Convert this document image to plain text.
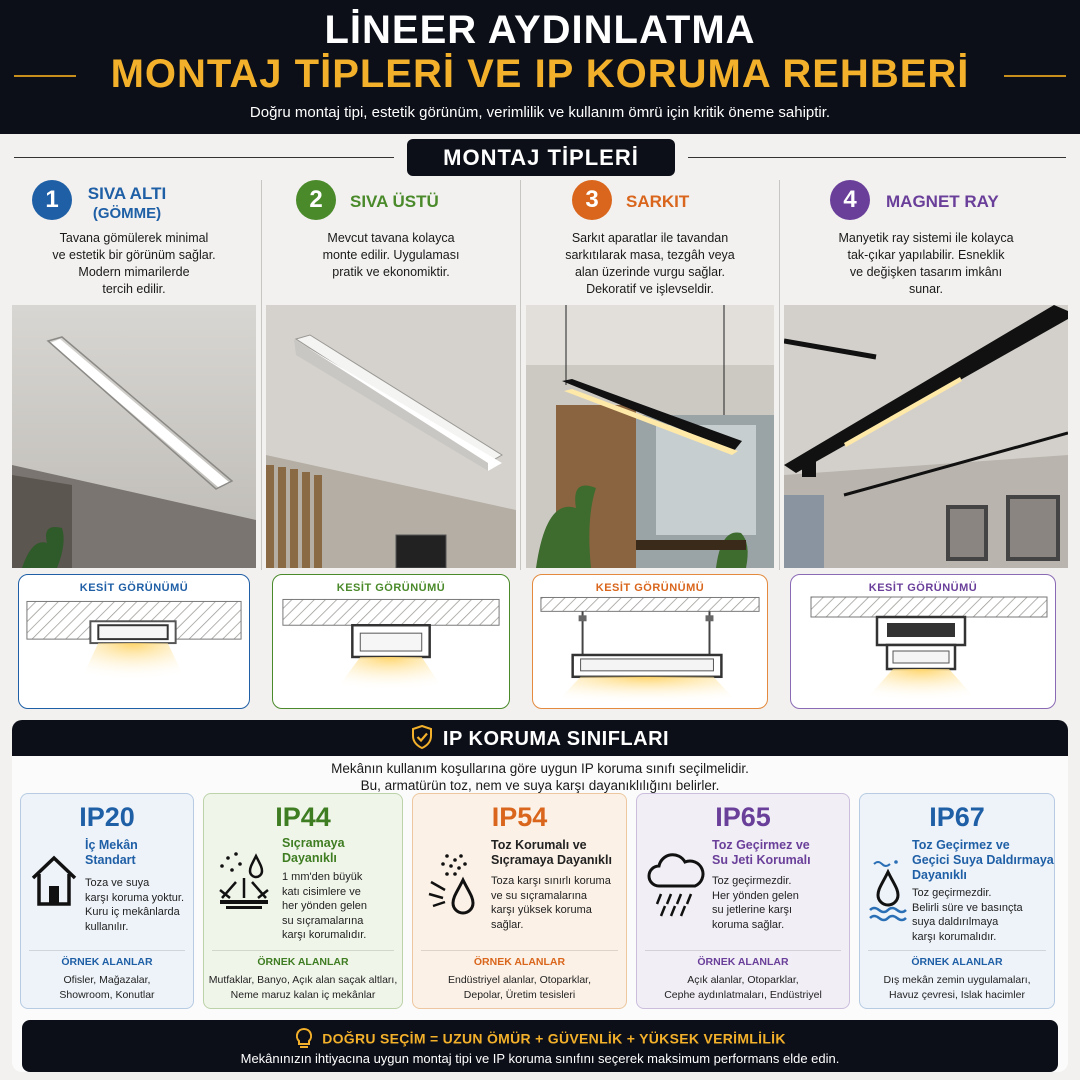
LİNEER AYDINLATMA
MONTAJ TİPLERİ VE IP KORUMA REHBERİ
Doğru montaj tipi, estetik görünüm, verimlilik ve kullanım ömrü için kritik öneme sahiptir.
MONTAJ TİPLERİ
1	SIVA ALTI
(GÖMME)
Tavana gömülerek minimal
ve estetik bir görünüm sağlar.
Modern mimarilerde
tercih edilir.
KESİT GÖRÜNÜMÜ
2	SIVA ÜSTÜ
Mevcut tavana kolayca
monte edilir. Uygulaması
pratik ve ekonomiktir.
KESİT GÖRÜNÜMÜ
3	SARKIT
Sarkıt aparatlar ile tavandan
sarkıtılarak masa, tezgâh veya
alan üzerinde vurgu sağlar.
Dekoratif ve işlevseldir.
KESİT GÖRÜNÜMÜ
4	MAGNET RAY
Manyetik ray sistemi ile kolayca
tak-çıkar yapılabilir. Esneklik
ve değişken tasarım imkânı
sunar.
KESİT GÖRÜNÜMÜ
IP KORUMA SINIFLARI
Mekânın kullanım koşullarına göre uygun IP koruma sınıfı seçilmelidir.
Bu, armatürün toz, nem ve suya karşı dayanıklılığını belirler.
IP20
İç Mekân
Standart
Toza ve suya
karşı koruma yoktur.
Kuru iç mekânlarda
kullanılır.
ÖRNEK ALANLAR
Ofisler, Mağazalar,
Showroom, Konutlar
IP44
Sıçramaya
Dayanıklı
1 mm'den büyük
katı cisimlere ve
her yönden gelen
su sıçramalarına
karşı korumalıdır.
ÖRNEK ALANLAR
Mutfaklar, Banyo, Açık alan saçak altları,
Neme maruz kalan iç mekânlar
IP54
Toz Korumalı ve
Sıçramaya Dayanıklı
Toza karşı sınırlı koruma
ve su sıçramalarına
karşı yüksek koruma
sağlar.
ÖRNEK ALANLAR
Endüstriyel alanlar, Otoparklar,
Depolar, Üretim tesisleri
IP65
Toz Geçirmez ve
Su Jeti Korumalı
Toz geçirmezdir.
Her yönden gelen
su jetlerine karşı
koruma sağlar.
ÖRNEK ALANLAR
Açık alanlar, Otoparklar,
Cephe aydınlatmaları, Endüstriyel
IP67
Toz Geçirmez ve
Geçici Suya Daldırmaya
Dayanıklı
Toz geçirmezdir.
Belirli süre ve basınçta
suya daldırılmaya
karşı korumalıdır.
ÖRNEK ALANLAR
Dış mekân zemin uygulamaları,
Havuz çevresi, Islak hacimler
DOĞRU SEÇİM = UZUN ÖMÜR + GÜVENLİK + YÜKSEK VERİMLİLİK
Mekânınızın ihtiyacına uygun montaj tipi ve IP koruma sınıfını seçerek maksimum performans elde edin.
